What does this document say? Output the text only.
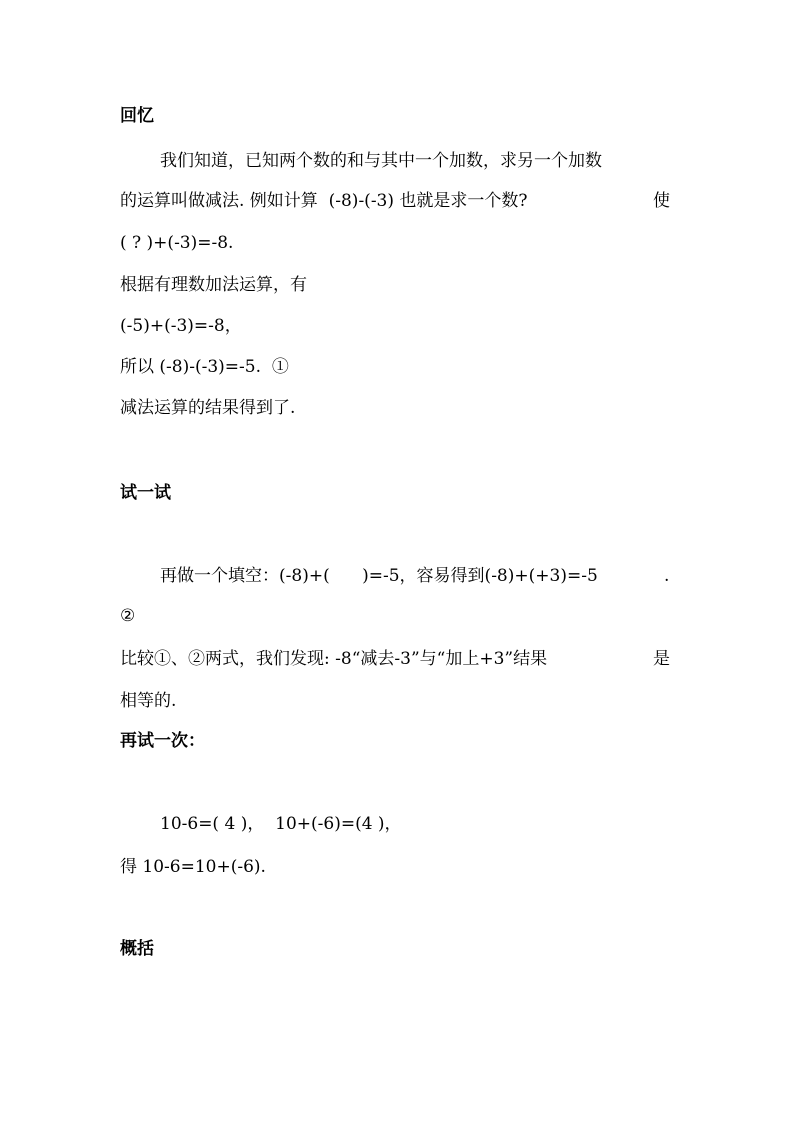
回忆
我们知道，已知两个数的和与其中一个加数，求另一个加数
的运算叫做减法. 例如计算  (-8)-(-3) 也就是求一个数?	使
( ? )+(-3)=-8.
根据有理数加法运算，有
(-5)+(-3)=-8，
所以 (-8)-(-3)=-5.  ①
减法运算的结果得到了.
试一试
再做一个填空：(-8)+(      )=-5，容易得到(-8)+(+3)=-5	.
②
比较①、②两式，我们发现: -8“减去-3”与“加上+3”结果	是
相等的.
再试一次：
10-6=( 4 )，  10+(-6)=(4 )，
得 10-6=10+(-6).
概括
